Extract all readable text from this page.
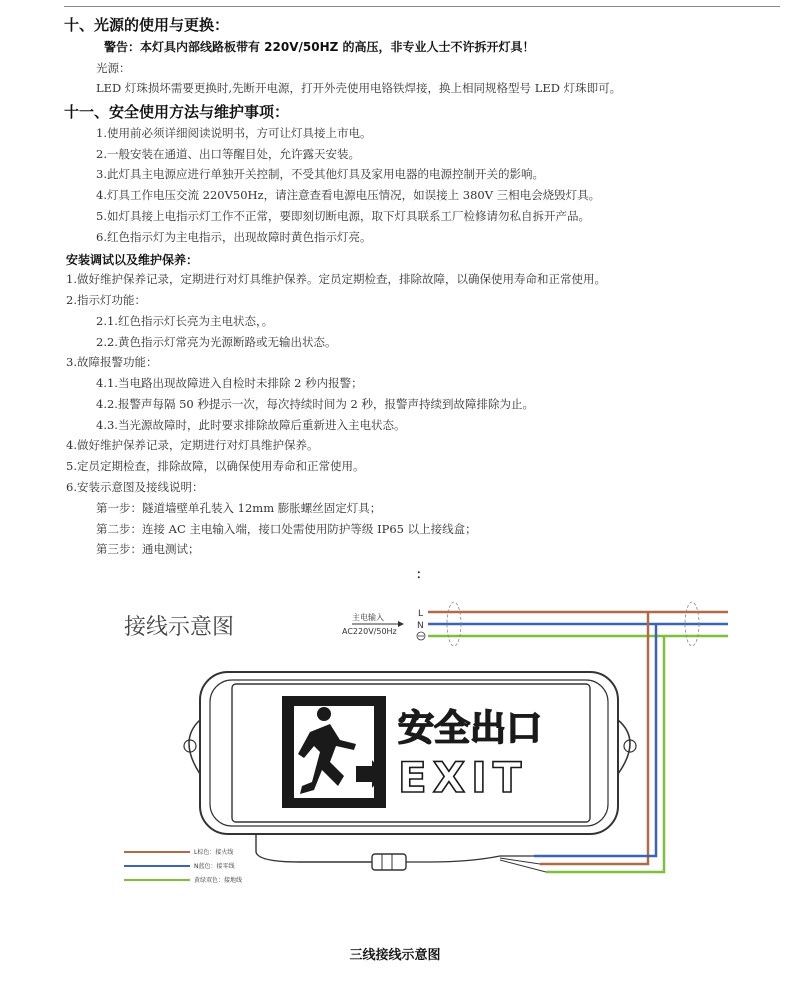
十、光源的使用与更换：
警告：本灯具内部线路板带有 220V/50HZ 的高压，非专业人士不许拆开灯具！
光源：
LED 灯珠损坏需要更换时,先断开电源，打开外壳使用电铬铁焊接，换上相同规格型号 LED 灯珠即可。
十一、安全使用方法与维护事项：
1.使用前必须详细阅读说明书，方可让灯具接上市电。
2.一般安装在通道、出口等醒目处，允许露天安装。
3.此灯具主电源应进行单独开关控制，不受其他灯具及家用电器的电源控制开关的影响。
4.灯具工作电压交流 220V50Hz，请注意查看电源电压情况，如误接上 380V 三相电会烧毁灯具。
5.如灯具接上电指示灯工作不正常，要即刻切断电源，取下灯具联系工厂检修请勿私自拆开产品。
6.红色指示灯为主电指示，出现故障时黄色指示灯亮。
安装调试以及维护保养：
1.做好维护保养记录，定期进行对灯具维护保养。定员定期检查，排除故障，以确保使用寿命和正常使用。
2.指示灯功能：
2.1.红色指示灯长亮为主电状态，。
2.2.黄色指示灯常亮为光源断路或无输出状态。
3.故障报警功能：
4.1.当电路出现故障进入自检时未排除 2 秒内报警；
4.2.报警声每隔 50 秒提示一次，每次持续时间为 2 秒，报警声持续到故障排除为止。
4.3.当光源故障时，此时要求排除故障后重新进入主电状态。
4.做好维护保养记录，定期进行对灯具维护保养。
5.定员定期检查，排除故障，以确保使用寿命和正常使用。
6.安装示意图及接线说明：
第一步：隧道墙壁单孔装入 12mm 膨胀螺丝固定灯具；
第二步：连接 AC 主电输入端，接口处需使用防护等级 IP65 以上接线盒；
第三步：通电测试；
：
接线示意图	主电输入
AC220V/50Hz
L
N
安全出口
EXIT
L棕色：接火线
N蓝色：接零线
黄绿双色：接地线
三线接线示意图
